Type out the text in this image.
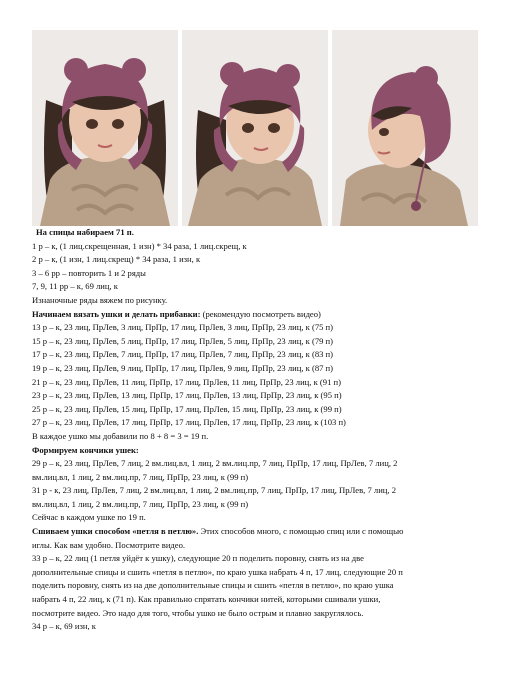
На спицы набираем 71 п.
1 р – к, (1 лиц.скрещенная, 1 изн) * 34 раза, 1 лиц.скрещ, к
2 р – к, (1 изн, 1 лиц.скрещ) * 34 раза, 1 изн, к
3 – 6 рр – повторить 1 и 2 ряды
7, 9, 11 рр – к, 69 лиц, к
Изнаночные ряды вяжем по рисунку.
Начинаем вязать ушки и делать прибавки: (рекомендую посмотреть видео)
13 р – к, 23 лиц, ПрЛев, 3 лиц, ПрПр, 17 лиц, ПрЛев, 3 лиц, ПрПр, 23 лиц, к (75 п)
15 р – к, 23 лиц, ПрЛев, 5 лиц, ПрПр, 17 лиц, ПрЛев, 5 лиц, ПрПр, 23 лиц, к (79 п)
17 р – к, 23 лиц, ПрЛев, 7 лиц, ПрПр, 17 лиц, ПрЛев, 7 лиц, ПрПр, 23 лиц, к (83 п)
19 р – к, 23 лиц, ПрЛев, 9 лиц, ПрПр, 17 лиц, ПрЛев, 9 лиц, ПрПр, 23 лиц, к (87 п)
21 р – к, 23 лиц, ПрЛев, 11 лиц, ПрПр, 17 лиц, ПрЛев, 11 лиц, ПрПр, 23 лиц, к (91 п)
23 р – к, 23 лиц, ПрЛев, 13 лиц, ПрПр, 17 лиц, ПрЛев, 13 лиц, ПрПр, 23 лиц, к (95 п)
25 р – к, 23 лиц, ПрЛев, 15 лиц, ПрПр, 17 лиц, ПрЛев, 15 лиц, ПрПр, 23 лиц, к (99 п)
27 р – к, 23 лиц, ПрЛев, 17 лиц, ПрПр, 17 лиц, ПрЛев, 17 лиц, ПрПр, 23 лиц, к (103 п)
В каждое ушко мы добавили по 8 + 8 = 3 = 19 п.
Формируем кончики ушек:
29 р – к, 23 лиц, ПрЛев, 7 лиц, 2 вм.лиц.вл, 1 лиц, 2 вм.лиц.пр, 7 лиц, ПрПр, 17 лиц, ПрЛев, 7 лиц, 2
вм.лиц.вл, 1 лиц, 2 вм.лиц.пр, 7 лиц, ПрПр, 23 лиц, к (99 п)
31 р - к, 23 лиц, ПрЛев, 7 лиц, 2 вм.лиц.вл, 1 лиц, 2 вм.лиц.пр, 7 лиц, ПрПр, 17 лиц, ПрЛев, 7 лиц, 2
вм.лиц.вл, 1 лиц, 2 вм.лиц.пр, 7 лиц, ПрПр, 23 лиц, к (99 п)
Сейчас в каждом ушке по 19 п.
Сшиваем ушки способом «петля в петлю». Этих способов много, с помощью спиц или с помощью
иглы. Как вам удобно. Посмотрите видео.
33 р – к, 22 лиц (1 петля уйдёт к ушку), следующие 20 п поделить поровну, снять из на две
дополнительные спицы и сшить «петля в петлю», по краю ушка набрать 4 п, 17 лиц, следующие 20 п
поделить поровну, снять из на две дополнительные спицы и сшить «петля в петлю», по краю ушка
набрать 4 п, 22 лиц, к (71 п). Как правильно спрятать кончики нитей, которыми сшивали ушки,
посмотрите видео. Это надо для того, чтобы ушко не было острым и плавно закруглялось.
34 р – к, 69 изн, к
